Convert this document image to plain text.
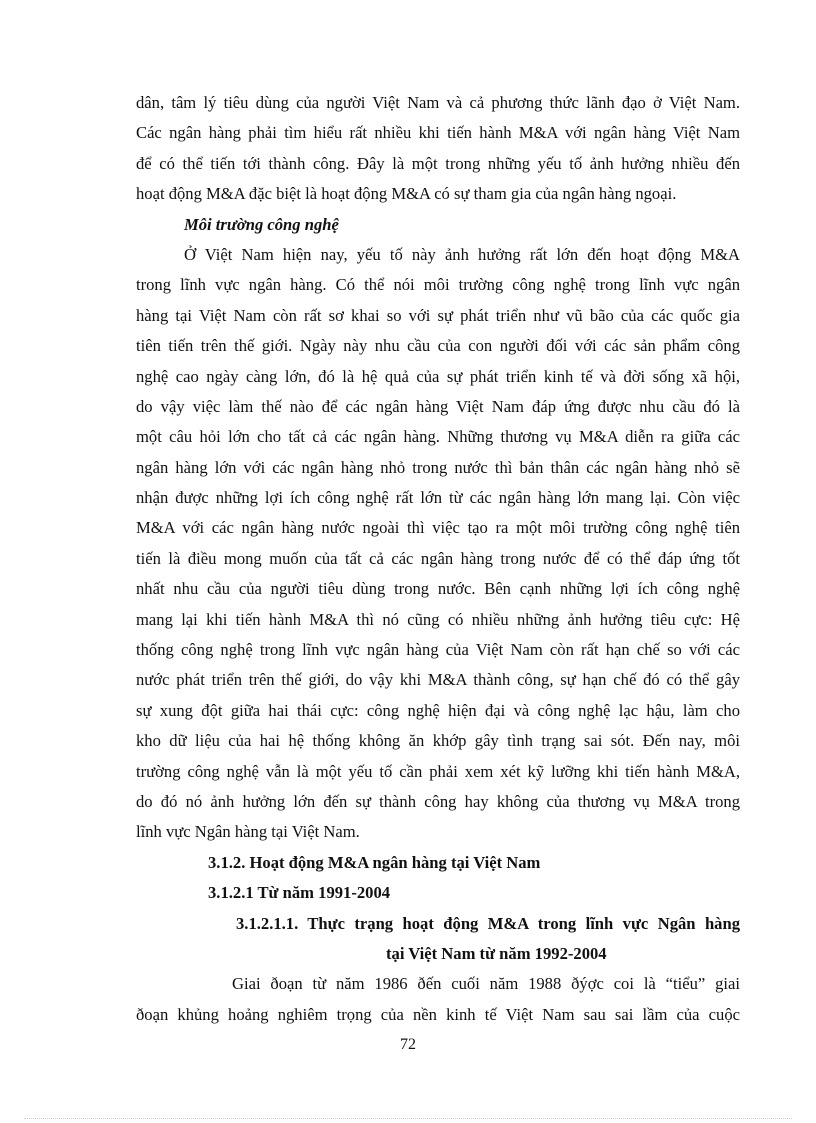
dân, tâm lý tiêu dùng của người Việt Nam và cả phương thức lãnh đạo ở Việt Nam.
Các ngân hàng phải tìm hiểu rất nhiều khi tiến hành M&A với ngân hàng Việt Nam
để có thể tiến tới thành công. Đây là một trong những yếu tố ảnh hưởng nhiều đến
hoạt động M&A đặc biệt là hoạt động M&A có sự tham gia của ngân hàng ngoại.
Môi trường công nghệ
Ở Việt Nam hiện nay, yếu tố này ảnh hưởng rất lớn đến hoạt động M&A
trong lĩnh vực ngân hàng. Có thể nói môi trường công nghệ trong lĩnh vực ngân
hàng tại Việt Nam còn rất sơ khai so với sự phát triển như vũ bão của các quốc gia
tiên tiến trên thế giới. Ngày này nhu cầu của con người đối với các sản phẩm công
nghệ cao ngày càng lớn, đó là hệ quả của sự phát triển kinh tế và đời sống xã hội,
do vậy việc làm thế nào để các ngân hàng Việt Nam đáp ứng được nhu cầu đó là
một câu hỏi lớn cho tất cả các ngân hàng. Những thương vụ M&A diễn ra giữa các
ngân hàng lớn với các ngân hàng nhỏ trong nước thì bản thân các ngân hàng nhỏ sẽ
nhận được những lợi ích công nghệ rất lớn từ các ngân hàng lớn mang lại. Còn việc
M&A với các ngân hàng nước ngoài thì việc tạo ra một môi trường công nghệ tiên
tiến là điều mong muốn của tất cả các ngân hàng trong nước để có thể đáp ứng tốt
nhất nhu cầu của người tiêu dùng trong nước. Bên cạnh những lợi ích công nghệ
mang lại khi tiến hành M&A thì nó cũng có nhiều những ảnh hưởng tiêu cực: Hệ
thống công nghệ trong lĩnh vực ngân hàng của Việt Nam còn rất hạn chế so với các
nước phát triển trên thế giới, do vậy khi M&A thành công, sự hạn chế đó có thể gây
sự xung đột giữa hai thái cực: công nghệ hiện đại và công nghệ lạc hậu, làm cho
kho dữ liệu của hai hệ thống không ăn khớp gây tình trạng sai sót. Đến nay, môi
trường công nghệ vẫn là một yếu tố cần phải xem xét kỹ lưỡng khi tiến hành M&A,
do đó nó ảnh hưởng lớn đến sự thành công hay không của thương vụ M&A trong
lĩnh vực Ngân hàng tại Việt Nam.
3.1.2. Hoạt động M&A ngân hàng tại Việt Nam
3.1.2.1 Từ năm 1991-2004
3.1.2.1.1. Thực trạng hoạt động M&A trong lĩnh vực Ngân hàng
tại Việt Nam từ năm 1992-2004
Giai ðoạn từ năm 1986 ðến cuối năm 1988 ðýợc coi là “tiểu” giai
ðoạn khủng hoảng nghiêm trọng của nền kinh tế Việt Nam sau sai lầm của cuộc
72
